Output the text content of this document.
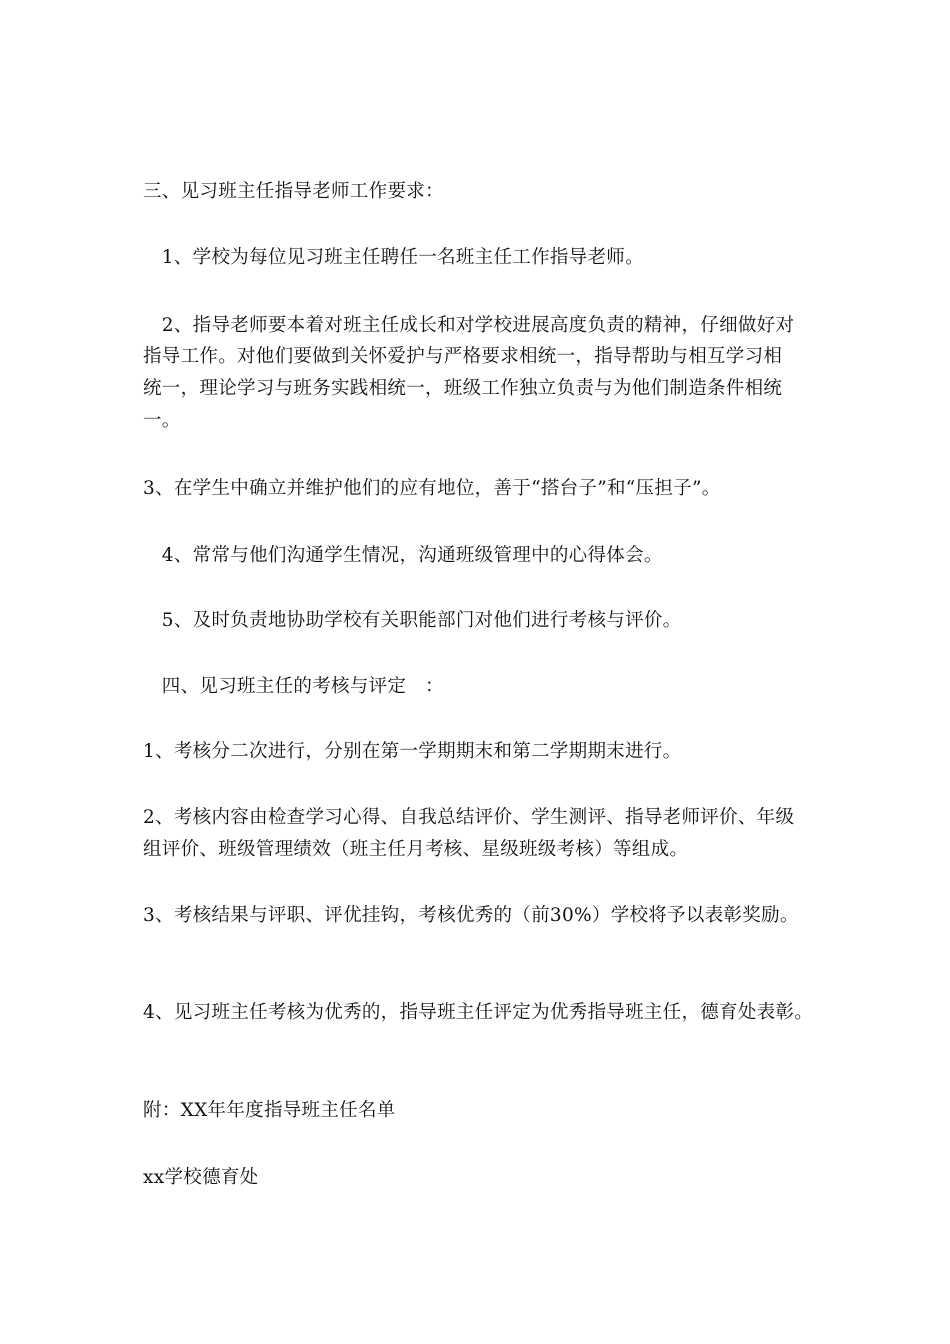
三、见习班主任指导老师工作要求：
　1、学校为每位见习班主任聘任一名班主任工作指导老师。
　2、指导老师要本着对班主任成长和对学校进展高度负责的精神，仔细做好对
指导工作。对他们要做到关怀爱护与严格要求相统一，指导帮助与相互学习相
统一，理论学习与班务实践相统一，班级工作独立负责与为他们制造条件相统
一。
3、在学生中确立并维护他们的应有地位，善于“搭台子”和“压担子”。
　4、常常与他们沟通学生情况，沟通班级管理中的心得体会。
　5、及时负责地协助学校有关职能部门对他们进行考核与评价。
　四、见习班主任的考核与评定　：
1、考核分二次进行，分别在第一学期期末和第二学期期末进行。
2、考核内容由检查学习心得、自我总结评价、学生测评、指导老师评价、年级
组评价、班级管理绩效（班主任月考核、星级班级考核）等组成。
3、考核结果与评职、评优挂钩，考核优秀的（前30%）学校将予以表彰奖励。
4、见习班主任考核为优秀的，指导班主任评定为优秀指导班主任，德育处表彰。
附：XX年年度指导班主任名单
xx学校德育处
